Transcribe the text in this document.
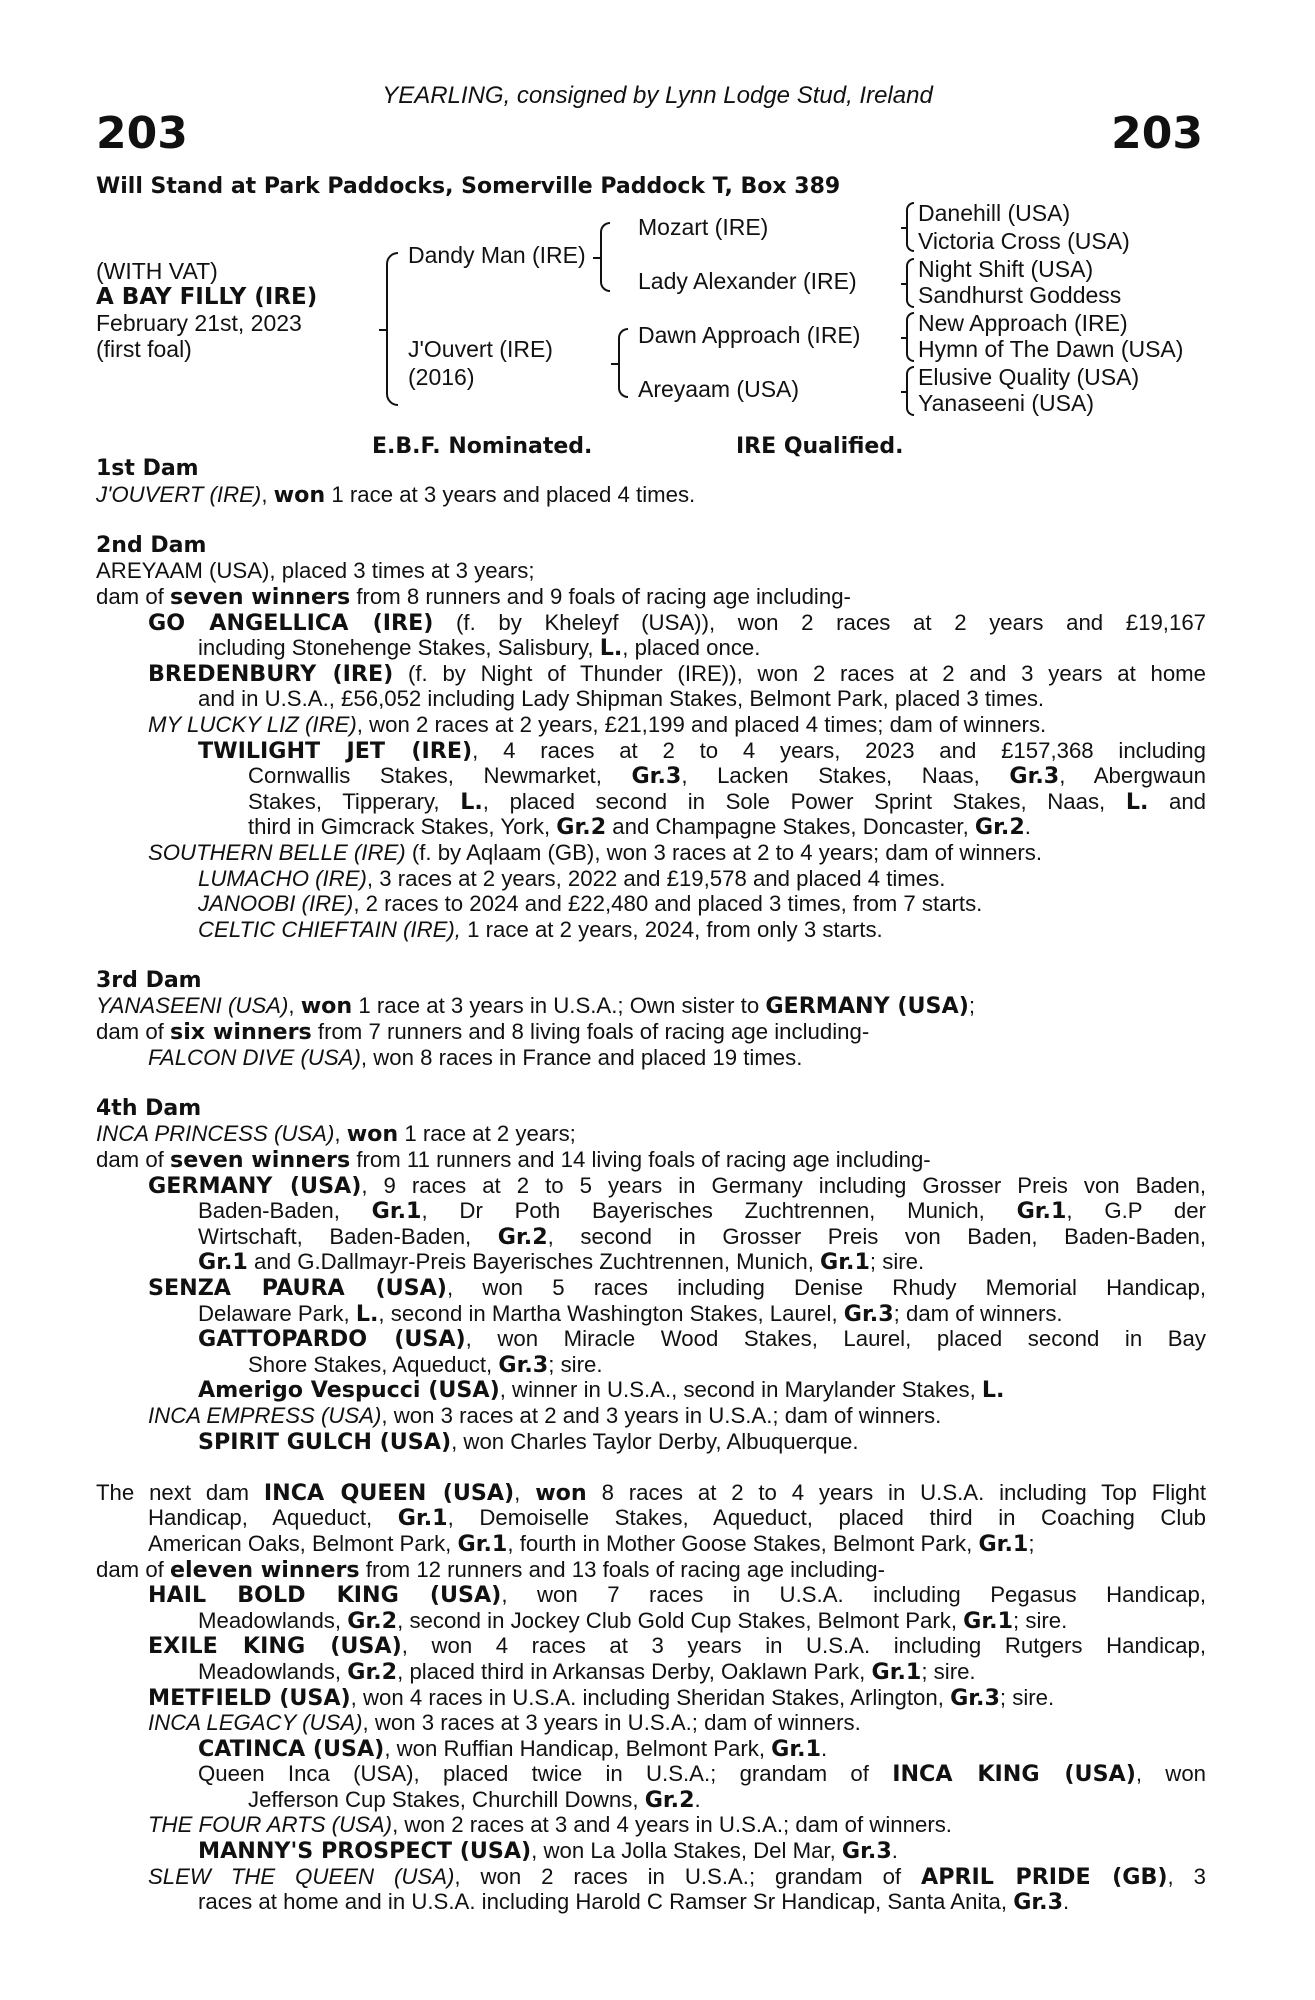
203	203
YEARLING, consigned by Lynn Lodge Stud, Ireland
Will Stand at Park Paddocks, Somerville Paddock T, Box 389
(WITH VAT)
A BAY FILLY (IRE)
February 21st, 2023
(first foal)
Dandy Man (IRE)
J'Ouvert (IRE)
(2016)
Mozart (IRE)
Lady Alexander (IRE)
Dawn Approach (IRE)
Areyaam (USA)
Danehill (USA)
Victoria Cross (USA)
Night Shift (USA)
Sandhurst Goddess
New Approach (IRE)
Hymn of The Dawn (USA)
Elusive Quality (USA)
Yanaseeni (USA)
E.B.F. Nominated.	IRE Qualified.
1st Dam
J'OUVERT (IRE), won 1 race at 3 years and placed 4 times.
2nd Dam
AREYAAM (USA), placed 3 times at 3 years;
dam of seven winners from 8 runners and 9 foals of racing age including-
GO ANGELLICA (IRE) (f. by Kheleyf (USA)), won 2 races at 2 years and £19,167
including Stonehenge Stakes, Salisbury, L., placed once.
BREDENBURY (IRE) (f. by Night of Thunder (IRE)), won 2 races at 2 and 3 years at home
and in U.S.A., £56,052 including Lady Shipman Stakes, Belmont Park, placed 3 times.
MY LUCKY LIZ (IRE), won 2 races at 2 years, £21,199 and placed 4 times; dam of winners.
TWILIGHT JET (IRE), 4 races at 2 to 4 years, 2023 and £157,368 including
Cornwallis Stakes, Newmarket, Gr.3, Lacken Stakes, Naas, Gr.3, Abergwaun
Stakes, Tipperary, L., placed second in Sole Power Sprint Stakes, Naas, L. and
third in Gimcrack Stakes, York, Gr.2 and Champagne Stakes, Doncaster, Gr.2.
SOUTHERN BELLE (IRE) (f. by Aqlaam (GB), won 3 races at 2 to 4 years; dam of winners.
LUMACHO (IRE), 3 races at 2 years, 2022 and £19,578 and placed 4 times.
JANOOBI (IRE), 2 races to 2024 and £22,480 and placed 3 times, from 7 starts.
CELTIC CHIEFTAIN (IRE), 1 race at 2 years, 2024, from only 3 starts.
3rd Dam
YANASEENI (USA), won 1 race at 3 years in U.S.A.; Own sister to GERMANY (USA);
dam of six winners from 7 runners and 8 living foals of racing age including-
FALCON DIVE (USA), won 8 races in France and placed 19 times.
4th Dam
INCA PRINCESS (USA), won 1 race at 2 years;
dam of seven winners from 11 runners and 14 living foals of racing age including-
GERMANY (USA), 9 races at 2 to 5 years in Germany including Grosser Preis von Baden,
Baden-Baden, Gr.1, Dr Poth Bayerisches Zuchtrennen, Munich, Gr.1, G.P der
Wirtschaft, Baden-Baden, Gr.2, second in Grosser Preis von Baden, Baden-Baden,
Gr.1 and G.Dallmayr-Preis Bayerisches Zuchtrennen, Munich, Gr.1; sire.
SENZA PAURA (USA), won 5 races including Denise Rhudy Memorial Handicap,
Delaware Park, L., second in Martha Washington Stakes, Laurel, Gr.3; dam of winners.
GATTOPARDO (USA), won Miracle Wood Stakes, Laurel, placed second in Bay
Shore Stakes, Aqueduct, Gr.3; sire.
Amerigo Vespucci (USA), winner in U.S.A., second in Marylander Stakes, L.
INCA EMPRESS (USA), won 3 races at 2 and 3 years in U.S.A.; dam of winners.
SPIRIT GULCH (USA), won Charles Taylor Derby, Albuquerque.
The next dam INCA QUEEN (USA), won 8 races at 2 to 4 years in U.S.A. including Top Flight
Handicap, Aqueduct, Gr.1, Demoiselle Stakes, Aqueduct, placed third in Coaching Club
American Oaks, Belmont Park, Gr.1, fourth in Mother Goose Stakes, Belmont Park, Gr.1;
dam of eleven winners from 12 runners and 13 foals of racing age including-
HAIL BOLD KING (USA), won 7 races in U.S.A. including Pegasus Handicap,
Meadowlands, Gr.2, second in Jockey Club Gold Cup Stakes, Belmont Park, Gr.1; sire.
EXILE KING (USA), won 4 races at 3 years in U.S.A. including Rutgers Handicap,
Meadowlands, Gr.2, placed third in Arkansas Derby, Oaklawn Park, Gr.1; sire.
METFIELD (USA), won 4 races in U.S.A. including Sheridan Stakes, Arlington, Gr.3; sire.
INCA LEGACY (USA), won 3 races at 3 years in U.S.A.; dam of winners.
CATINCA (USA), won Ruffian Handicap, Belmont Park, Gr.1.
Queen Inca (USA), placed twice in U.S.A.; grandam of INCA KING (USA), won
Jefferson Cup Stakes, Churchill Downs, Gr.2.
THE FOUR ARTS (USA), won 2 races at 3 and 4 years in U.S.A.; dam of winners.
MANNY'S PROSPECT (USA), won La Jolla Stakes, Del Mar, Gr.3.
SLEW THE QUEEN (USA), won 2 races in U.S.A.; grandam of APRIL PRIDE (GB), 3
races at home and in U.S.A. including Harold C Ramser Sr Handicap, Santa Anita, Gr.3.
